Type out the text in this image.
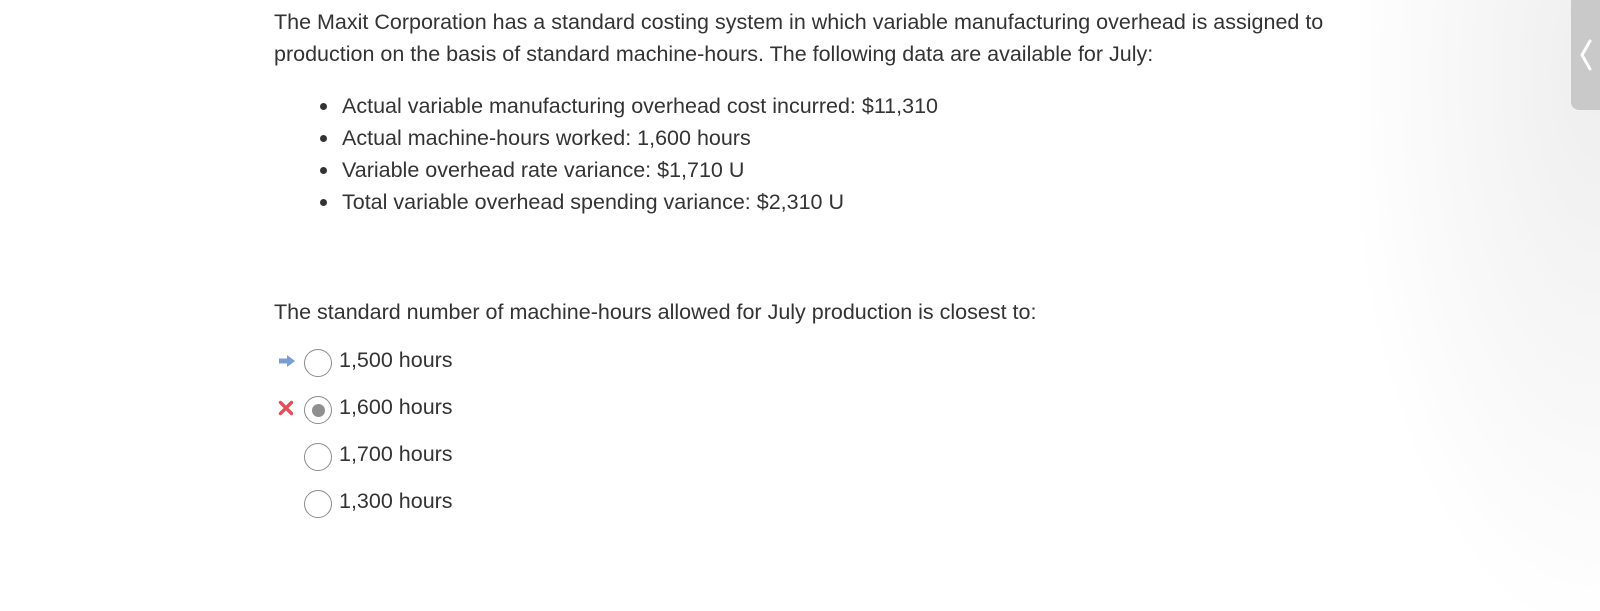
The Maxit Corporation has a standard costing system in which variable manufacturing overhead is assigned to production on the basis of standard machine-hours. The following data are available for July:

Actual variable manufacturing overhead cost incurred: $11,310
Actual machine-hours worked: 1,600 hours
Variable overhead rate variance: $1,710 U
Total variable overhead spending variance: $2,310 U

The standard number of machine-hours allowed for July production is closest to:

1,500 hours
1,600 hours
1,700 hours
1,300 hours
